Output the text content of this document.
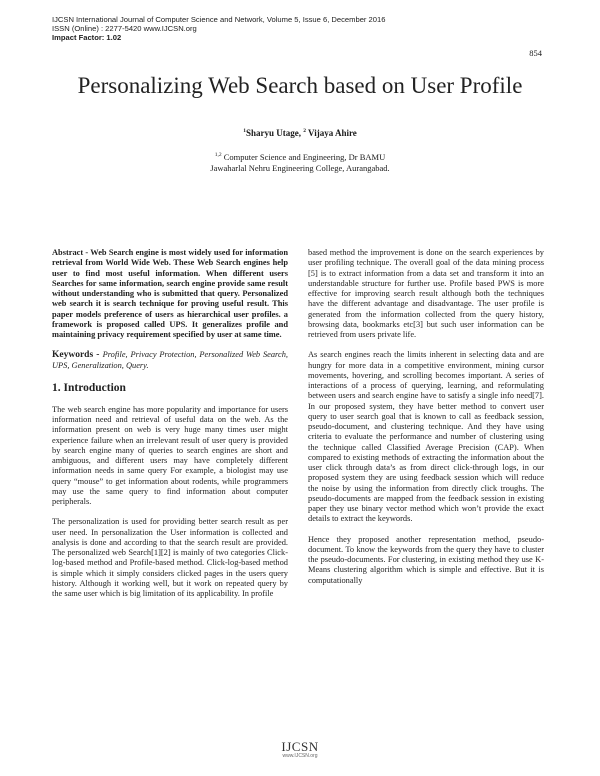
IJCSN International Journal of Computer Science and Network, Volume 5, Issue 6, December 2016
ISSN (Online) : 2277-5420 www.IJCSN.org
Impact Factor: 1.02
854
Personalizing Web Search based on User Profile
$^1$Sharyu Utage, $^2$ Vijaya Ahire
$^{1,2}$ Computer Science and Engineering, Dr BAMU
Jawaharlal Nehru Engineering College, Aurangabad.

Abstract - Web Search engine is most widely used for information retrieval from World Wide Web. These Web Search engines help user to find most useful information. When different users Searches for same information, search engine provide same result without understanding who is submitted that query. Personalized web search it is search technique for proving useful result. This paper models preference of users as hierarchical user profiles. a framework is proposed called UPS. It generalizes profile and maintaining privacy requirement specified by user at same time.

Keywords - Profile, Privacy Protection, Personalized Web Search, UPS, Generalization, Query.

1. Introduction

The web search engine has more popularity and importance for users information need and retrieval of useful data on the web. As the information present on web is very huge many times user might experience failure when an irrelevant result of user query is provided by search engine many of queries to search engines are short and ambiguous, and different users may have completely different information needs in same query For example, a biologist may use query “mouse” to get information about rodents, while programmers may use the same query to find information about computer peripherals.

The personalization is used for providing better search result as per user need. In personalization the User information is collected and analysis is done and according to that the search result are provided. The personalized web Search[1][2] is mainly of two categories Click-log-based method and Profile-based method. Click-log-based method is simple which it simply considers clicked pages in the users query history. Although it working well, but it work on repeated query by the same user which is big limitation of its applicability. In profile

based method the improvement is done on the search experiences by user profiling technique. The overall goal of the data mining process [5] is to extract information from a data set and transform it into an understandable structure for further use. Profile based PWS is more effective for improving search result although both the techniques have the different advantage and disadvantage. The user profile is generated from the information collected from the query history, browsing data, bookmarks etc[3] but such user information can be retrieved from users private life.

As search engines reach the limits inherent in selecting data and are hungry for more data in a competitive environment, mining cursor movements, hovering, and scrolling becomes important. A series of interactions of a process of querying, learning, and reformulating between users and search engine have to satisfy a single info need[7]. In our proposed system, they have better method to convert user query to user search goal that is known to call as feedback session, pseudo-document, and clustering technique. And they have using criteria to evaluate the performance and number of clustering using the technique called Classified Average Precision (CAP). When compared to existing methods of extracting the information about the user click through data’s as from direct click-through logs, in our proposed system they are using feedback session which will reduce the noise by using the information from directly click troughs. The pseudo-documents are mapped from the feedback session in existing paper they use binary vector method which won’t provide the exact details to extract the keywords.

Hence they proposed another representation method, pseudo-document. To know the keywords from the query they have to cluster the pseudo-documents. For clustering, in existing method they use K-Means clustering algorithm which is simple and effective. But it is computationally

IJCSN
www.IJCSN.org
